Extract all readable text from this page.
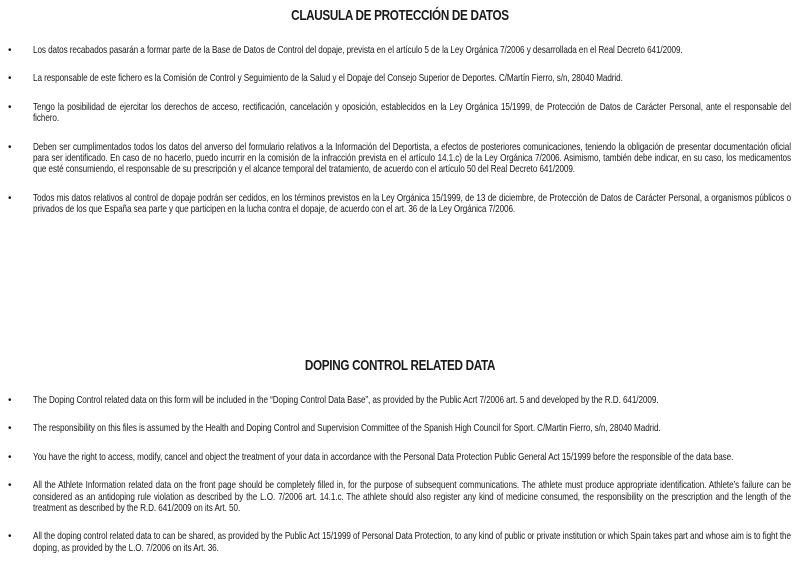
CLAUSULA DE PROTECCIÓN DE DATOS
• Los datos recabados pasarán a formar parte de la Base de Datos de Control del dopaje, prevista en el artículo 5 de la Ley Orgánica 7/2006 y desarrollada en el Real Decreto 641/2009.
• La responsable de este fichero es la Comisión de Control y Seguimiento de la Salud y el Dopaje del Consejo Superior de Deportes. C/Martín Fierro, s/n, 28040 Madrid.
• Tengo la posibilidad de ejercitar los derechos de acceso, rectificación, cancelación y oposición, establecidos en la Ley Orgánica 15/1999, de Protección de Datos de Carácter Personal, ante el responsable del fichero.
• Deben ser cumplimentados todos los datos del anverso del formulario relativos a la Información del Deportista, a efectos de posteriores comunicaciones, teniendo la obligación de presentar documentación oficial para ser identificado. En caso de no hacerlo, puedo incurrir en la comisión de la infracción prevista en el artículo 14.1.c) de la Ley Orgánica 7/2006. Asimismo, también debe indicar, en su caso, los medicamentos que esté consumiendo, el responsable de su prescripción y el alcance temporal del tratamiento, de acuerdo con el artículo 50 del Real Decreto 641/2009.
• Todos mis datos relativos al control de dopaje podrán ser cedidos, en los términos previstos en la Ley Orgánica 15/1999, de 13 de diciembre, de Protección de Datos de Carácter Personal, a organismos públicos o privados de los que España sea parte y que participen en la lucha contra el dopaje, de acuerdo con el art. 36 de la Ley Orgánica 7/2006.
DOPING CONTROL RELATED DATA
• The Doping Control related data on this form will be included in the “Doping Control Data Base”, as provided by the Public Acrt 7/2006 art. 5 and developed by the R.D. 641/2009.
• The responsibility on this files is assumed by the Health and Doping Control and Supervision Committee of the Spanish High Council for Sport. C/Martin Fierro, s/n, 28040 Madrid.
• You have the right to access, modify, cancel and object the treatment of your data in accordance with the Personal Data Protection Public General Act 15/1999 before the responsible of the data base.
• All the Athlete Information related data on the front page should be completely filled in, for the purpose of subsequent communications. The athlete must produce appropriate identification. Athlete’s failure can be considered as an antidoping rule violation as described by the L.O. 7/2006 art. 14.1.c. The athlete should also register any kind of medicine consumed, the responsibility on the prescription and the length of the treatment as described by the R.D. 641/2009 on its Art. 50.
• All the doping control related data to can be shared, as provided by the Public Act 15/1999 of Personal Data Protection, to any kind of public or private institution or which Spain takes part and whose aim is to fight the doping, as provided by the L.O. 7/2006 on its Art. 36.
